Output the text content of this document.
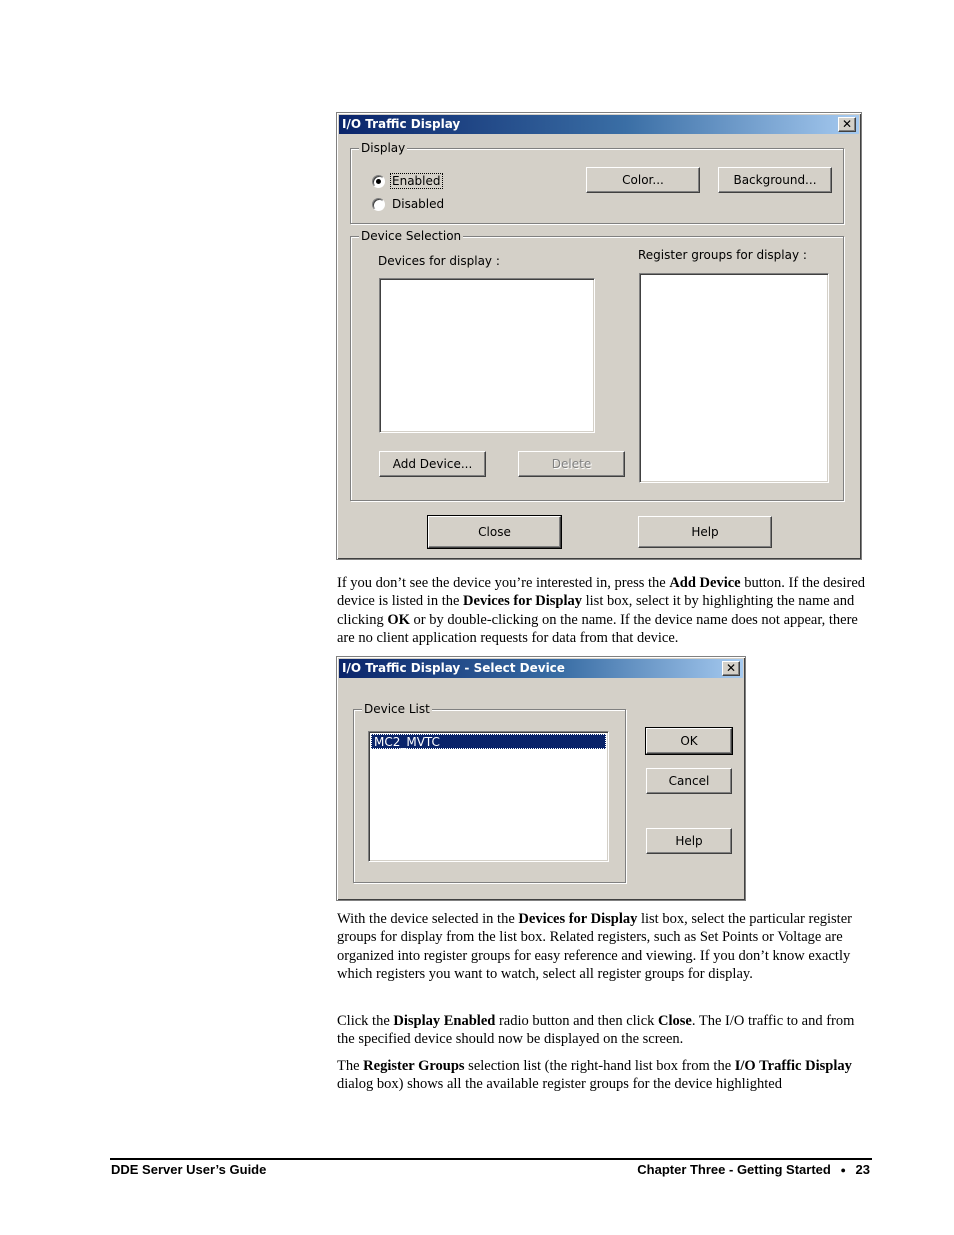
I/O Traffic Display	✕
Display
Enabled
Disabled
Color...	Background...
Device Selection
Devices for display :	Register groups for display :
Add Device...	Delete
Close	Help

If you don’t see the device you’re interested in, press the Add Device button. If the desired device is listed in the Devices for Display list box, select it by highlighting the name and clicking OK or by double-clicking on the name. If the device name does not appear, there are no client application requests for data from that device.

I/O Traffic Display - Select Device	✕
Device List
MC2_MVTC	OK
Cancel
Help

With the device selected in the Devices for Display list box, select the particular register groups for display from the list box. Related registers, such as Set Points or Voltage are organized into register groups for easy reference and viewing. If you don’t know exactly which registers you want to watch, select all register groups for display.

Click the Display Enabled radio button and then click Close. The I/O traffic to and from the specified device should now be displayed on the screen.

The Register Groups selection list (the right-hand list box from the I/O Traffic Display dialog box) shows all the available register groups for the device highlighted

DDE Server User’s Guide	Chapter Three - Getting Started ● 23
